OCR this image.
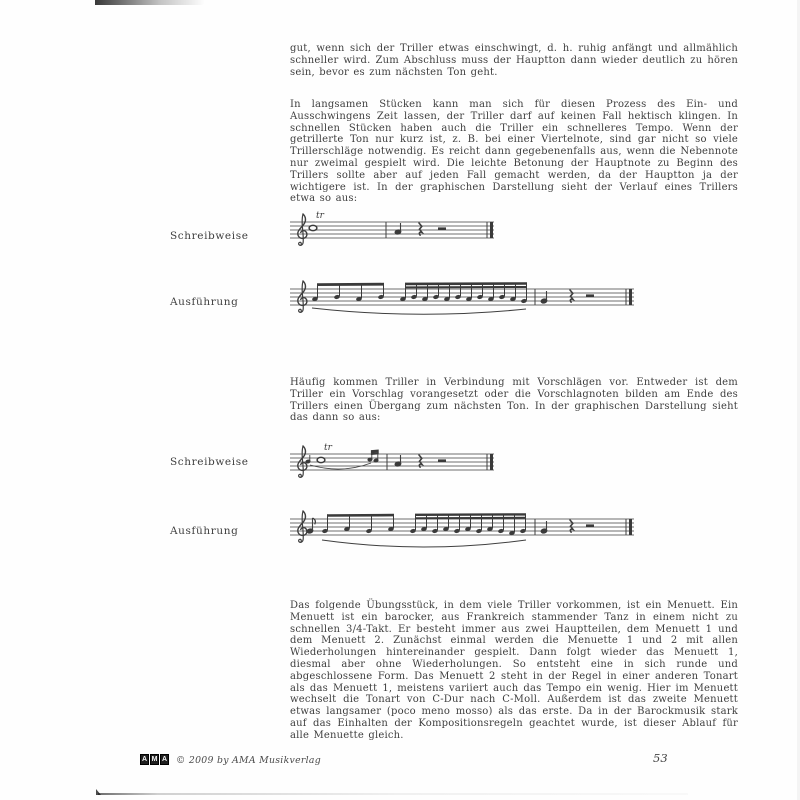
gut, wenn sich der Triller etwas einschwingt, d. h. ruhig anfängt und allmählich schneller wird. Zum Abschluss muss der Hauptton dann wieder deutlich zu hören sein, bevor es zum nächsten Ton geht.
In langsamen Stücken kann man sich für diesen Prozess des Ein- und Ausschwingens Zeit lassen, der Triller darf auf keinen Fall hektisch klingen. In schnellen Stücken haben auch die Triller ein schnelleres Tempo. Wenn der getrillerte Ton nur kurz ist, z. B. bei einer Viertelnote, sind gar nicht so viele Trillerschläge notwendig. Es reicht dann gegebenenfalls aus, wenn die Nebennote nur zweimal gespielt wird. Die leichte Betonung der Hauptnote zu Beginn des Trillers sollte aber auf jeden Fall gemacht werden, da der Hauptton ja der wichtigere ist. In der graphischen Darstellung sieht der Verlauf eines Trillers etwa so aus:
Häufig kommen Triller in Verbindung mit Vorschlägen vor. Entweder ist dem Triller ein Vorschlag vorangesetzt oder die Vorschlagnoten bilden am Ende des Trillers einen Übergang zum nächsten Ton. In der graphischen Darstellung sieht das dann so aus:
Das folgende Übungsstück, in dem viele Triller vorkommen, ist ein Menuett. Ein Menuett ist ein barocker, aus Frankreich stammender Tanz in einem nicht zu schnellen 3/4-Takt. Er besteht immer aus zwei Hauptteilen, dem Menuett 1 und dem Menuett 2. Zunächst einmal werden die Menuette 1 und 2 mit allen Wiederholungen hintereinander gespielt. Dann folgt wieder das Menuett 1, diesmal aber ohne Wiederholungen. So entsteht eine in sich runde und abgeschlossene Form. Das Menuett 2 steht in der Regel in einer anderen Tonart als das Menuett 1, meistens variiert auch das Tempo ein wenig. Hier im Menuett wechselt die Tonart von C-Dur nach C-Moll. Außerdem ist das zweite Menuett etwas langsamer (poco meno mosso) als das erste. Da in der Barockmusik stark auf das Einhalten der Kompositionsregeln geachtet wurde, ist dieser Ablauf für alle Menuette gleich.
Schreibweise
Ausführung
Schreibweise
Ausführung
tr
tr
A M A © 2009 by AMA Musikverlag	53
